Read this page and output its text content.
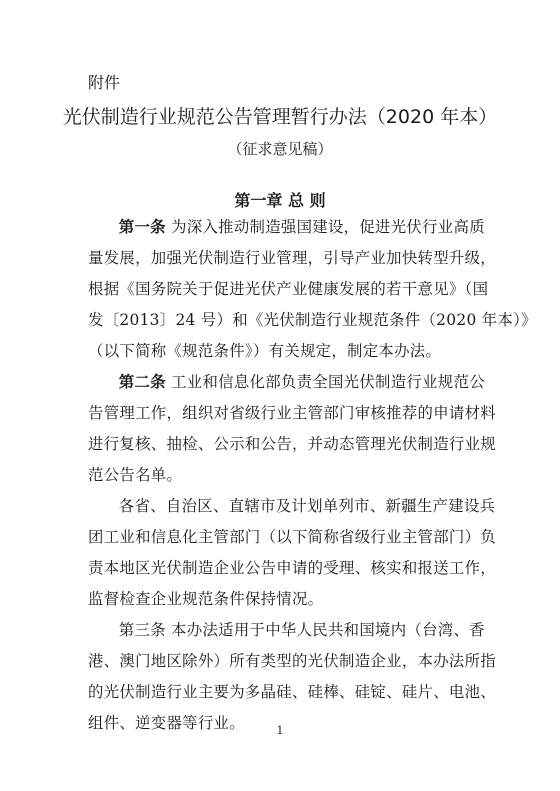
附件
光伏制造行业规范公告管理暂行办法（2020 年本）
（征求意见稿）
第一章 总 则

第一条 为深入推动制造强国建设，促进光伏行业高质
量发展，加强光伏制造行业管理，引导产业加快转型升级，
根据《国务院关于促进光伏产业健康发展的若干意见》（国
发〔2013〕24 号）和《光伏制造行业规范条件（2020 年本）》
（以下简称《规范条件》）有关规定，制定本办法。

第二条 工业和信息化部负责全国光伏制造行业规范公
告管理工作，组织对省级行业主管部门审核推荐的申请材料
进行复核、抽检、公示和公告，并动态管理光伏制造行业规
范公告名单。

各省、自治区、直辖市及计划单列市、新疆生产建设兵
团工业和信息化主管部门（以下简称省级行业主管部门）负
责本地区光伏制造企业公告申请的受理、核实和报送工作，
监督检查企业规范条件保持情况。

第三条 本办法适用于中华人民共和国境内（台湾、香
港、澳门地区除外）所有类型的光伏制造企业，本办法所指
的光伏制造行业主要为多晶硅、硅棒、硅锭、硅片、电池、
组件、逆变器等行业。	1
